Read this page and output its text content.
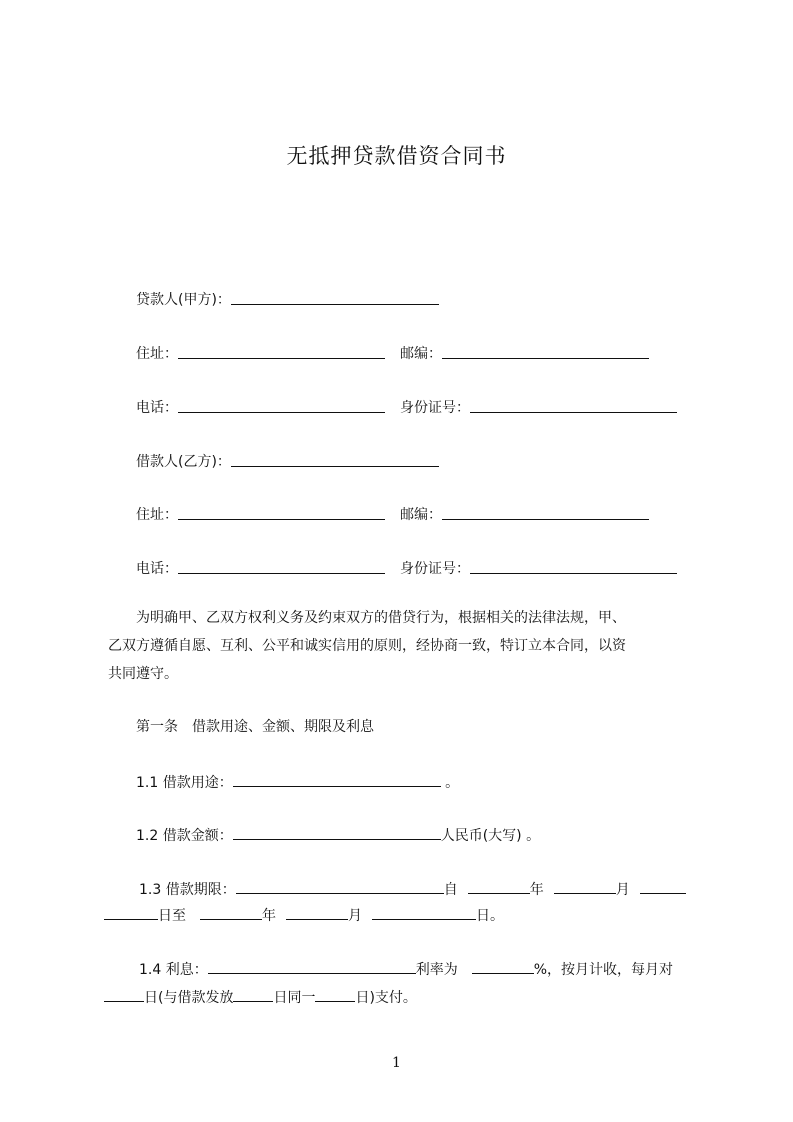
无抵押贷款借资合同书
贷款人(甲方)：
住址：	邮编：
电话：	身份证号：
借款人(乙方)：
住址：	邮编：
电话：	身份证号：
为明确甲、乙双方权利义务及约束双方的借贷行为，根据相关的法律法规，甲、
乙双方遵循自愿、互利、公平和诚实信用的原则，经协商一致，特订立本合同，以资
共同遵守。
第一条　借款用途、金额、期限及利息
1.1 借款用途：	。
1.2 借款金额：	人民币(大写) 。
1.3 借款期限：	自	年	月
日至	年	月	日。
1.4 利息：	利率为	%，按月计收，每月对
日(与借款发放	日同一	日)支付。
1
